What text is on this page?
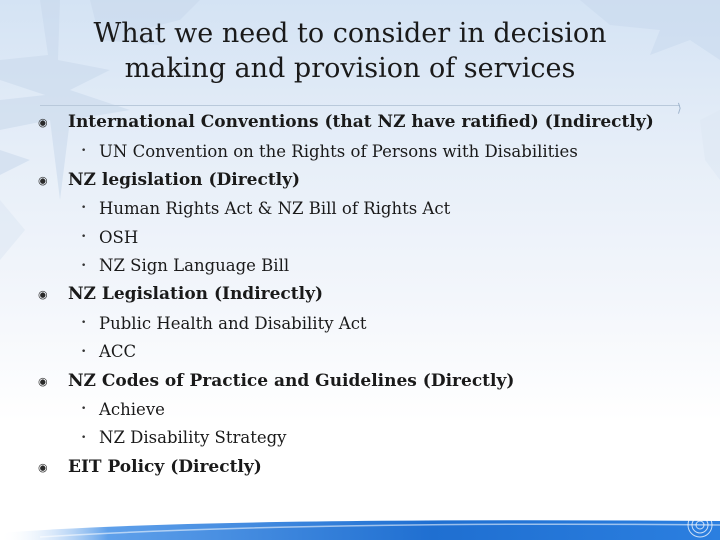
What we need to consider in decision
making and provision of services
⟩
◉ International Conventions (that NZ have ratified) (Indirectly)
• UN Convention on the Rights of Persons with Disabilities
◉ NZ legislation (Directly)
• Human Rights Act & NZ Bill of Rights Act
• OSH
• NZ Sign Language Bill
◉ NZ Legislation (Indirectly)
• Public Health and Disability Act
• ACC
◉ NZ Codes of Practice and Guidelines (Directly)
• Achieve
• NZ Disability Strategy
◉ EIT Policy (Directly)
